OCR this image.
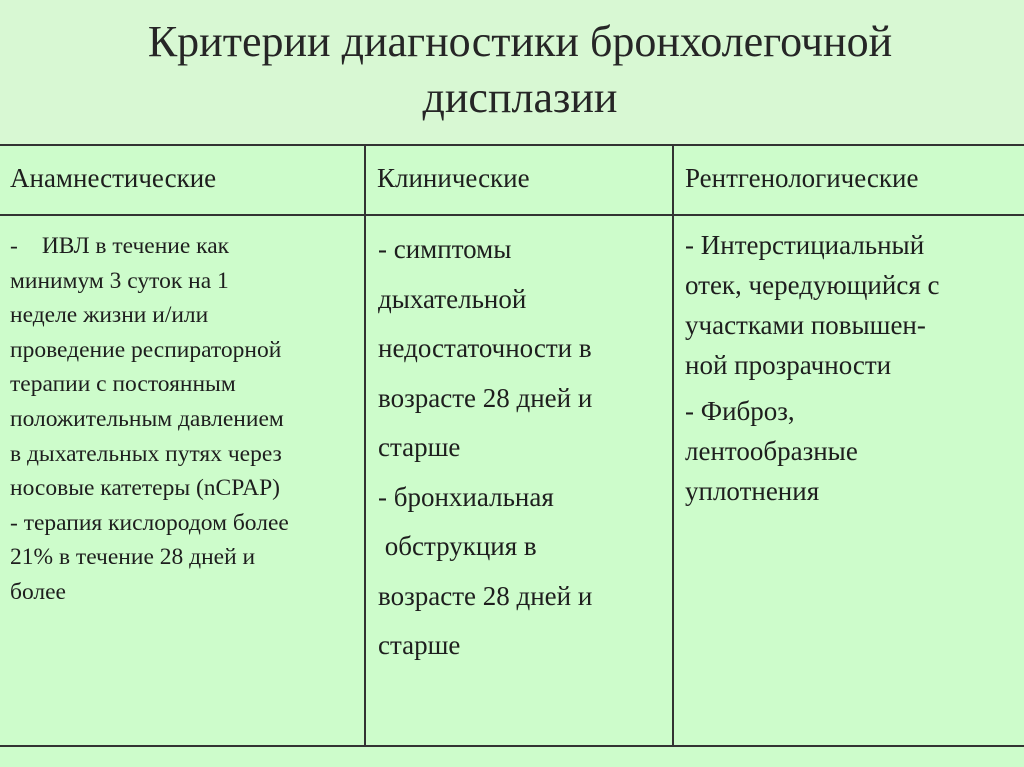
Критерии диагностики бронхолегочной
дисплазии
Анамнестические	Клинические	Рентгенологические
- ИВЛ в течение как
минимум 3 суток на 1
неделе жизни и/или
проведение респираторной
терапии с постоянным
положительным давлением
в дыхательных путях через
носовые катетеры (nCPAP)
- терапия кислородом более
21% в течение 28 дней и
более
- симптомы
дыхательной
недостаточности в
возрасте 28 дней и
старше
- бронхиальная
обструкция в
возрасте 28 дней и
старше
- Интерстициальный
отек, чередующийся с
участками повышен-
ной прозрачности
- Фиброз,
лентообразные
уплотнения
